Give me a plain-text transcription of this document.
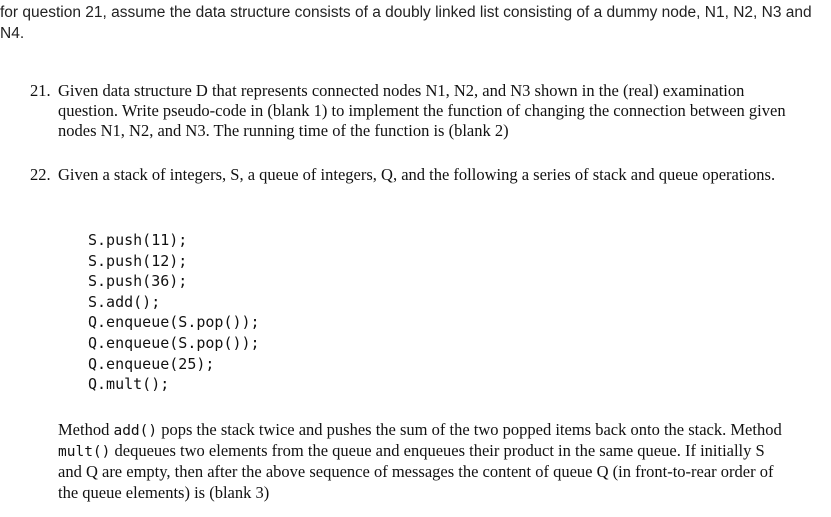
for question 21, assume the data structure consists of a doubly linked list consisting of a dummy node, N1, N2, N3 and N4.
21. Given data structure D that represents connected nodes N1, N2, and N3 shown in the (real) examination question. Write pseudo-code in (blank 1) to implement the function of changing the connection between given nodes N1, N2, and N3. The running time of the function is (blank 2)
22. Given a stack of integers, S, a queue of integers, Q, and the following a series of stack and queue operations.
S.push(11);
S.push(12);
S.push(36);
S.add();
Q.enqueue(S.pop());
Q.enqueue(S.pop());
Q.enqueue(25);
Q.mult();
Method add() pops the stack twice and pushes the sum of the two popped items back onto the stack. Method mult() dequeues two elements from the queue and enqueues their product in the same queue. If initially S and Q are empty, then after the above sequence of messages the content of queue Q (in front-to-rear order of the queue elements) is (blank 3)
